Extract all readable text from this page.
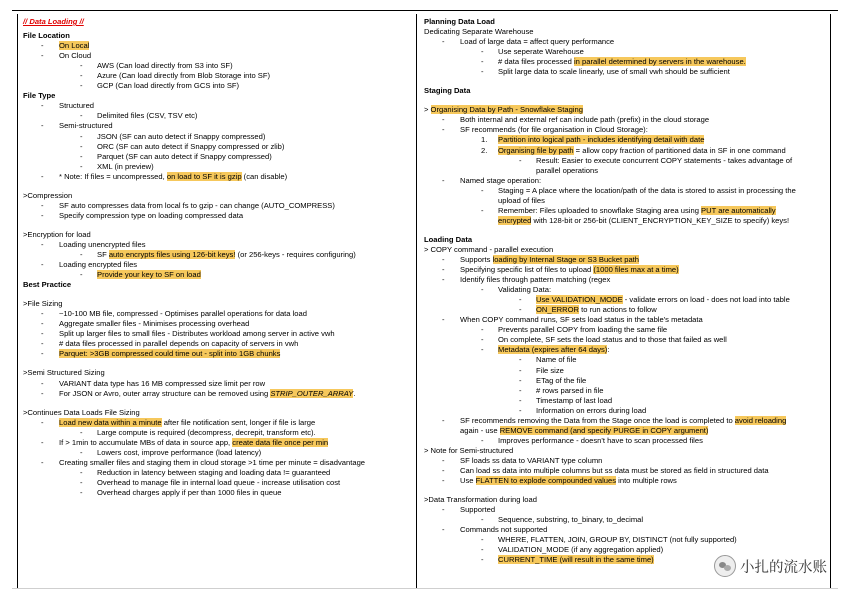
// Data Loading //
File Location
- On Local
- On Cloud
- AWS (Can load directly from S3 into SF)
- Azure (Can load directly from Blob Storage into SF)
- GCP (Can load directly from GCS into SF)
File Type
- Structured
- Delimited files (CSV, TSV etc)
- Semi-structured
- JSON (SF can auto detect if Snappy compressed)
- ORC (SF can auto detect if Snappy compressed or zlib)
- Parquet (SF can auto detect if Snappy compressed)
- XML (in preview)
- * Note: If files = uncompressed, on load to SF it is gzip (can disable)
>Compression
- SF auto compresses data from local fs to gzip - can change (AUTO_COMPRESS)
- Specify compression type on loading compressed data
>Encryption for load
- Loading unencrypted files
- SF auto encrypts files using 126-bit keys! (or 256-keys - requires configuring)
- Loading encrypted files
- Provide your key to SF on load
Best Practice
>File Sizing
- ~10-100 MB file, compressed - Optimises parallel operations for data load
- Aggregate smaller files - Minimises processing overhead
- Split up larger files to small files - Distributes workload among server in active vwh
- # data files processed in parallel depends on capacity of servers in vwh
- Parquet: >3GB compressed could time out - split into 1GB chunks
>Semi Structured Sizing
- VARIANT data type has 16 MB compressed size limit per row
- For JSON or Avro, outer array structure can be removed using STRIP_OUTER_ARRAY.
>Continues Data Loads File Sizing
- Load new data within a minute after file notification sent, longer if file is large
- Large compute is required (decompress, decrepit, transform etc).
- If > 1min to accumulate MBs of data in source app, create data file once per min
- Lowers cost, improve performance (load latency)
- Creating smaller files and staging them in cloud storage >1 time per minute = disadvantage
- Reduction in latency between staging and loading data != guaranteed
- Overhead to manage file in internal load queue - increase utilisation cost
- Overhead charges apply if per than 1000 files in queue
Planning Data Load
Dedicating Separate Warehouse
- Load of large data = affect query performance
- Use seperate Warehouse
- # data files processed in parallel determined by servers in the warehouse.
- Split large data to scale linearly, use of small vwh should be sufficient
Staging Data
> Organising Data by Path - Snowflake Staging
- Both internal and external ref can include path (prefix) in the cloud storage
- SF recommends (for file organisation in Cloud Storage):
1. Partition into logical path - includes identifying detail with date
2. Organising file by path = allow copy fraction of partitioned data in SF in one command
- Result: Easier to execute concurrent COPY statements - takes advantage of
parallel operations
- Named stage operation:
- Staging = A place where the location/path of the data is stored to assist in processing the
upload of files
- Remember: Files uploaded to snowflake Staging area using PUT are automatically
encrypted with 128-bit or 256-bit (CLIENT_ENCRYPTION_KEY_SIZE to specify) keys!
Loading Data
> COPY command - parallel execution
- Supports loading by Internal Stage or S3 Bucket path
- Specifying specific list of files to upload (1000 files max at a time)
- Identify files through pattern matching (regex
- Validating Data:
- Use VALIDATION_MODE - validate errors on load - does not load into table
- ON_ERROR to run actions to follow
- When COPY command runs, SF sets load status in the table's metadata
- Prevents parallel COPY from loading the same file
- On complete, SF sets the load status and to those that failed as well
- Metadata (expires after 64 days):
- Name of file
- File size
- ETag of the file
- # rows parsed in file
- Timestamp of last load
- Information on errors during load
- SF recommends removing the Data from the Stage once the load is completed to avoid reloading
again - use REMOVE command (and specify PURGE in COPY argument)
- Improves performance - doesn't have to scan processed files
> Note for Semi-structured
- SF loads ss data to VARIANT type column
- Can load ss data into multiple columns but ss data must be stored as field in structured data
- Use FLATTEN to explode compounded values into multiple rows
>Data Transformation during load
- Supported
- Sequence, substring, to_binary, to_decimal
- Commands not supported
- WHERE, FLATTEN, JOIN, GROUP BY, DISTINCT (not fully supported)
- VALIDATION_MODE (if any aggregation applied)
- CURRENT_TIME (will result in the same time)	小扎的流水账
